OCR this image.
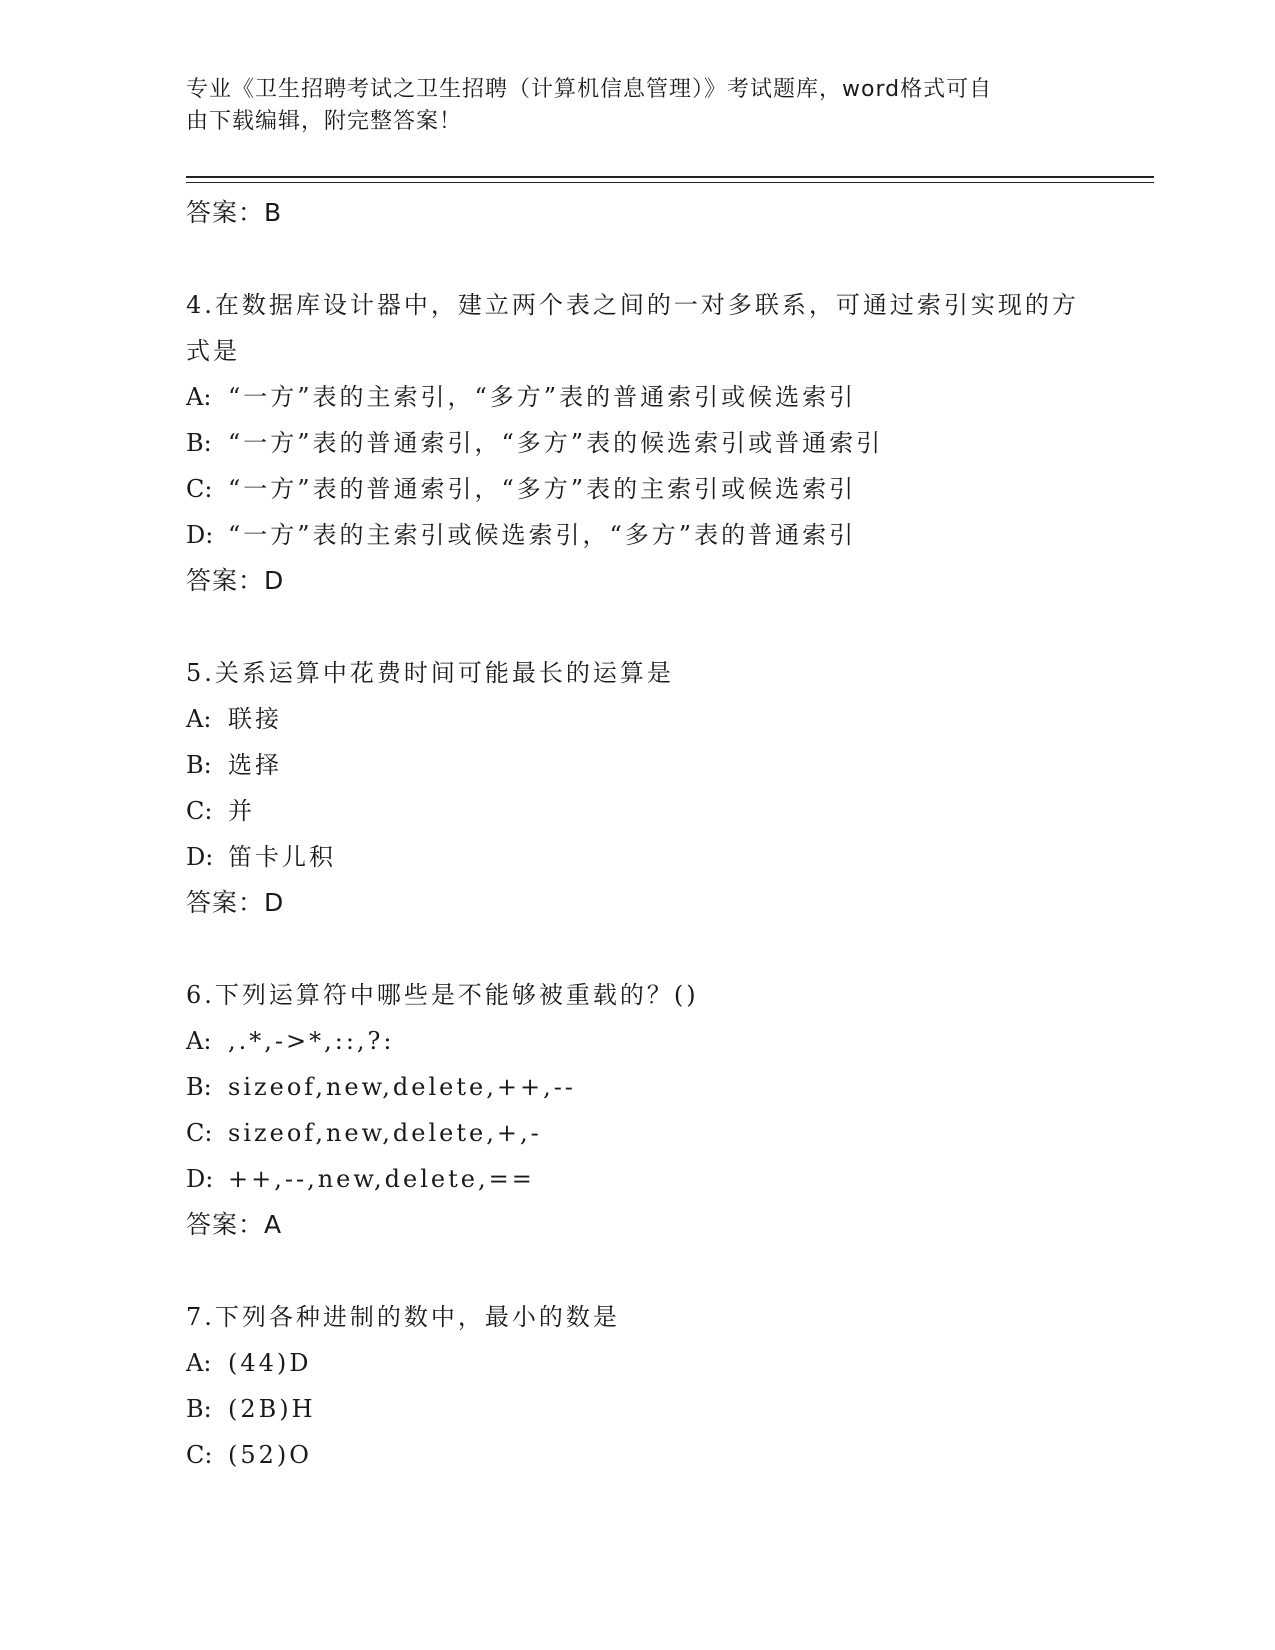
专业《卫生招聘考试之卫生招聘（计算机信息管理）》考试题库，word格式可自
由下载编辑，附完整答案！
答案：B
4.在数据库设计器中，建立两个表之间的一对多联系，可通过索引实现的方式是
A: “一方”表的主索引，“多方”表的普通索引或候选索引
B: “一方”表的普通索引，“多方”表的候选索引或普通索引
C: “一方”表的普通索引，“多方”表的主索引或候选索引
D: “一方”表的主索引或候选索引，“多方”表的普通索引
答案：D
5.关系运算中花费时间可能最长的运算是
A: 联接
B: 选择
C: 并
D: 笛卡儿积
答案：D
6.下列运算符中哪些是不能够被重载的？()
A: ,.*,->*,::,?:
B: sizeof,new,delete,++,--
C: sizeof,new,delete,+,-
D: ++,--,new,delete,==
答案：A
7.下列各种进制的数中，最小的数是
A: (44)D
B: (2B)H
C: (52)O
